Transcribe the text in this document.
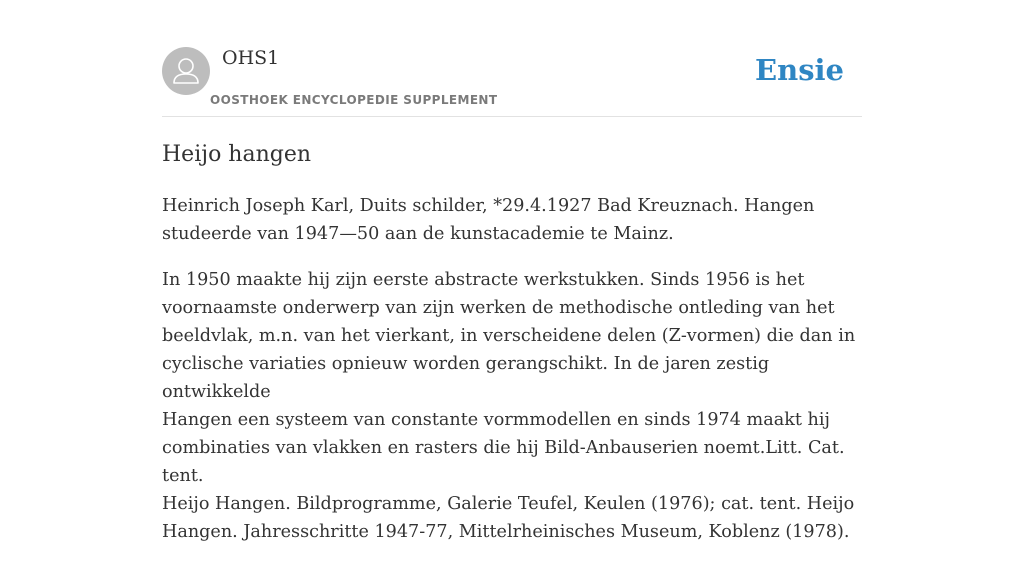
OHS1
OOSTHOEK ENCYCLOPEDIE SUPPLEMENT
Ensie
Heijo hangen

Heinrich Joseph Karl, Duits schilder, *29.4.1927 Bad Kreuznach. Hangen
studeerde van 1947—50 aan de kunstacademie te Mainz.

In 1950 maakte hij zijn eerste abstracte werkstukken. Sinds 1956 is het
voornaamste onderwerp van zijn werken de methodische ontleding van het
beeldvlak, m.n. van het vierkant, in verscheidene delen (Z-vormen) die dan in
cyclische variaties opnieuw worden gerangschikt. In de jaren zestig ontwikkelde
Hangen een systeem van constante vormmodellen en sinds 1974 maakt hij
combinaties van vlakken en rasters die hij Bild-Anbauserien noemt.Litt. Cat. tent.
Heijo Hangen. Bildprogramme, Galerie Teufel, Keulen (1976); cat. tent. Heijo
Hangen. Jahresschritte 1947-77, Mittelrheinisches Museum, Koblenz (1978).
